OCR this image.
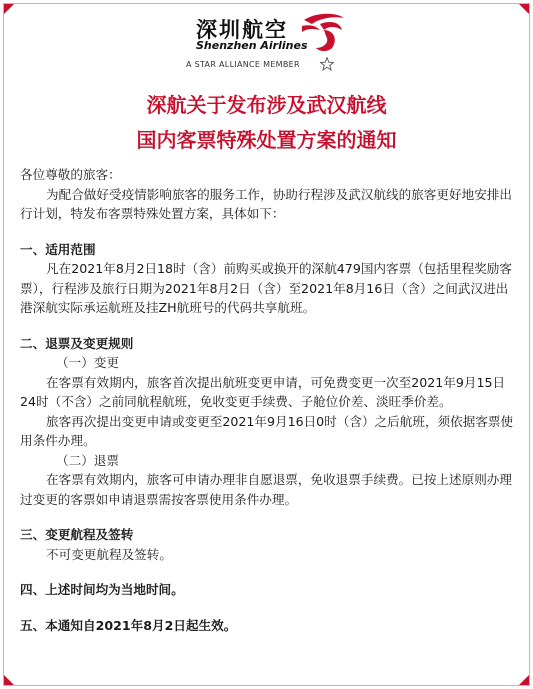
深圳航空
Shenzhen Airlines
A STAR ALLIANCE MEMBER
深航关于发布涉及武汉航线
国内客票特殊处置方案的通知

各位尊敬的旅客：

为配合做好受疫情影响旅客的服务工作，协助行程涉及武汉航线的旅客更好地安排出行计划，特发布客票特殊处置方案，具体如下：

一、适用范围

凡在2021年8月2日18时（含）前购买或换开的深航479国内客票（包括里程奖励客票），行程涉及旅行日期为2021年8月2日（含）至2021年8月16日（含）之间武汉进出港深航实际承运航班及挂ZH航班号的代码共享航班。

二、退票及变更规则

（一）变更

在客票有效期内，旅客首次提出航班变更申请，可免费变更一次至2021年9月15日24时（不含）之前同航程航班，免收变更手续费、子舱位价差、淡旺季价差。

旅客再次提出变更申请或变更至2021年9月16日0时（含）之后航班，须依据客票使用条件办理。

（二）退票

在客票有效期内，旅客可申请办理非自愿退票，免收退票手续费。已按上述原则办理过变更的客票如申请退票需按客票使用条件办理。

三、变更航程及签转

不可变更航程及签转。

四、上述时间均为当地时间。

五、本通知自2021年8月2日起生效。
